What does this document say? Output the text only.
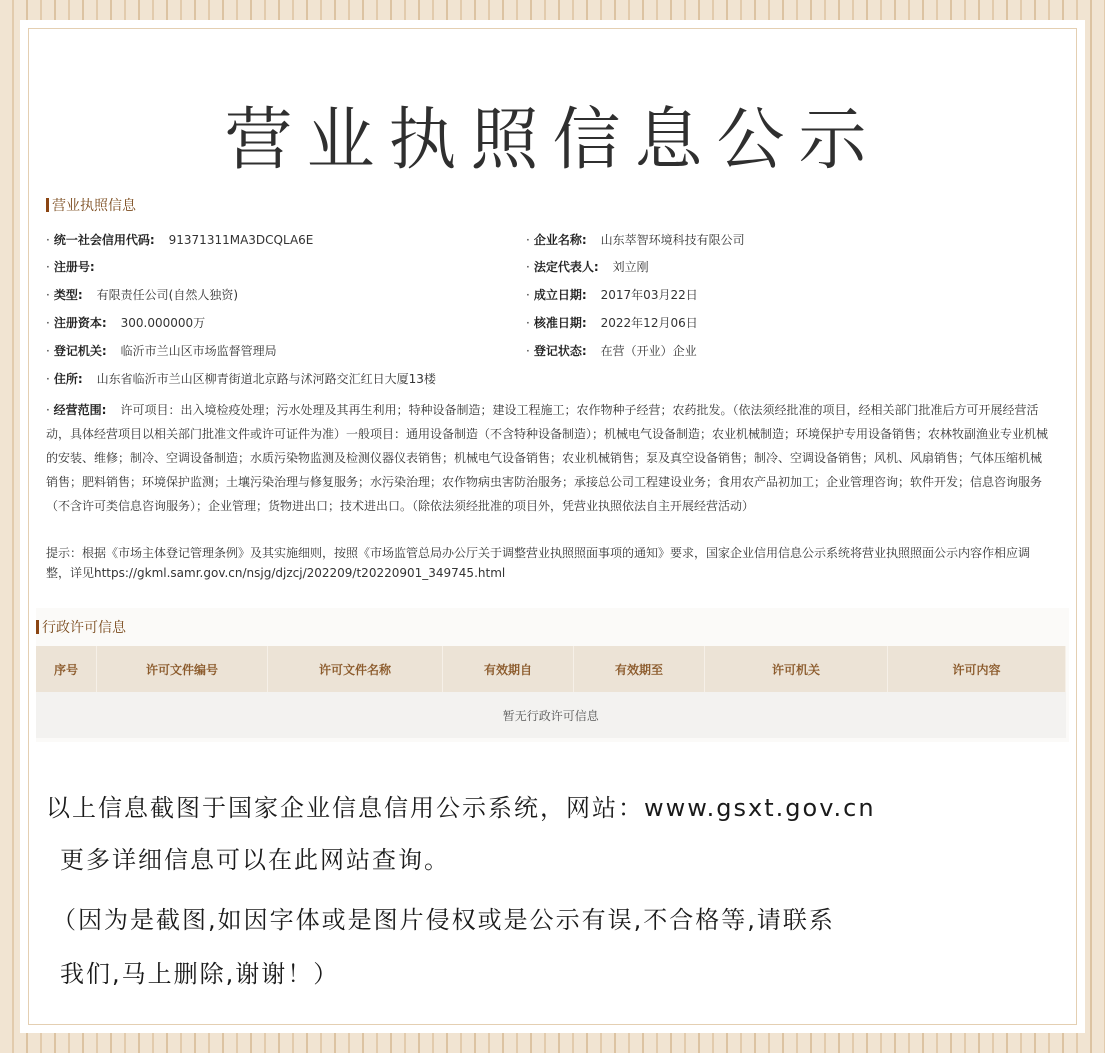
营业执照信息公示
营业执照信息
· 统一社会信用代码: 91371311MA3DCQLA6E
· 注册号:
· 类型: 有限责任公司(自然人独资)
· 注册资本: 300.000000万
· 登记机关: 临沂市兰山区市场监督管理局
· 住所: 山东省临沂市兰山区柳青街道北京路与沭河路交汇红日大厦13楼
· 企业名称: 山东萃智环境科技有限公司
· 法定代表人: 刘立刚
· 成立日期: 2017年03月22日
· 核准日期: 2022年12月06日
· 登记状态: 在营（开业）企业
· 经营范围: 许可项目：出入境检疫处理；污水处理及其再生利用；特种设备制造；建设工程施工；农作物种子经营；农药批发。（依法须经批准的项目，经相关部门批准后方可开展经营活动，具体经营项目以相关部门批准文件或许可证件为准）一般项目：通用设备制造（不含特种设备制造）；机械电气设备制造；农业机械制造；环境保护专用设备销售；农林牧副渔业专业机械的安装、维修；制冷、空调设备制造；水质污染物监测及检测仪器仪表销售；机械电气设备销售；农业机械销售；泵及真空设备销售；制冷、空调设备销售；风机、风扇销售；气体压缩机械销售；肥料销售；环境保护监测；土壤污染治理与修复服务；水污染治理；农作物病虫害防治服务；承接总公司工程建设业务；食用农产品初加工；企业管理咨询；软件开发；信息咨询服务（不含许可类信息咨询服务）；企业管理；货物进出口；技术进出口。（除依法须经批准的项目外，凭营业执照依法自主开展经营活动）
提示：根据《市场主体登记管理条例》及其实施细则，按照《市场监管总局办公厅关于调整营业执照照面事项的通知》要求，国家企业信用信息公示系统将营业执照照面公示内容作相应调整，详见https://gkml.samr.gov.cn/nsjg/djzcj/202209/t20220901_349745.html
行政许可信息
序号	许可文件编号	许可文件名称	有效期自	有效期至	许可机关	许可内容
暂无行政许可信息
以上信息截图于国家企业信息信用公示系统，网站：www.gsxt.gov.cn
更多详细信息可以在此网站查询。
（因为是截图,如因字体或是图片侵权或是公示有误,不合格等,请联系
我们,马上删除,谢谢！）
